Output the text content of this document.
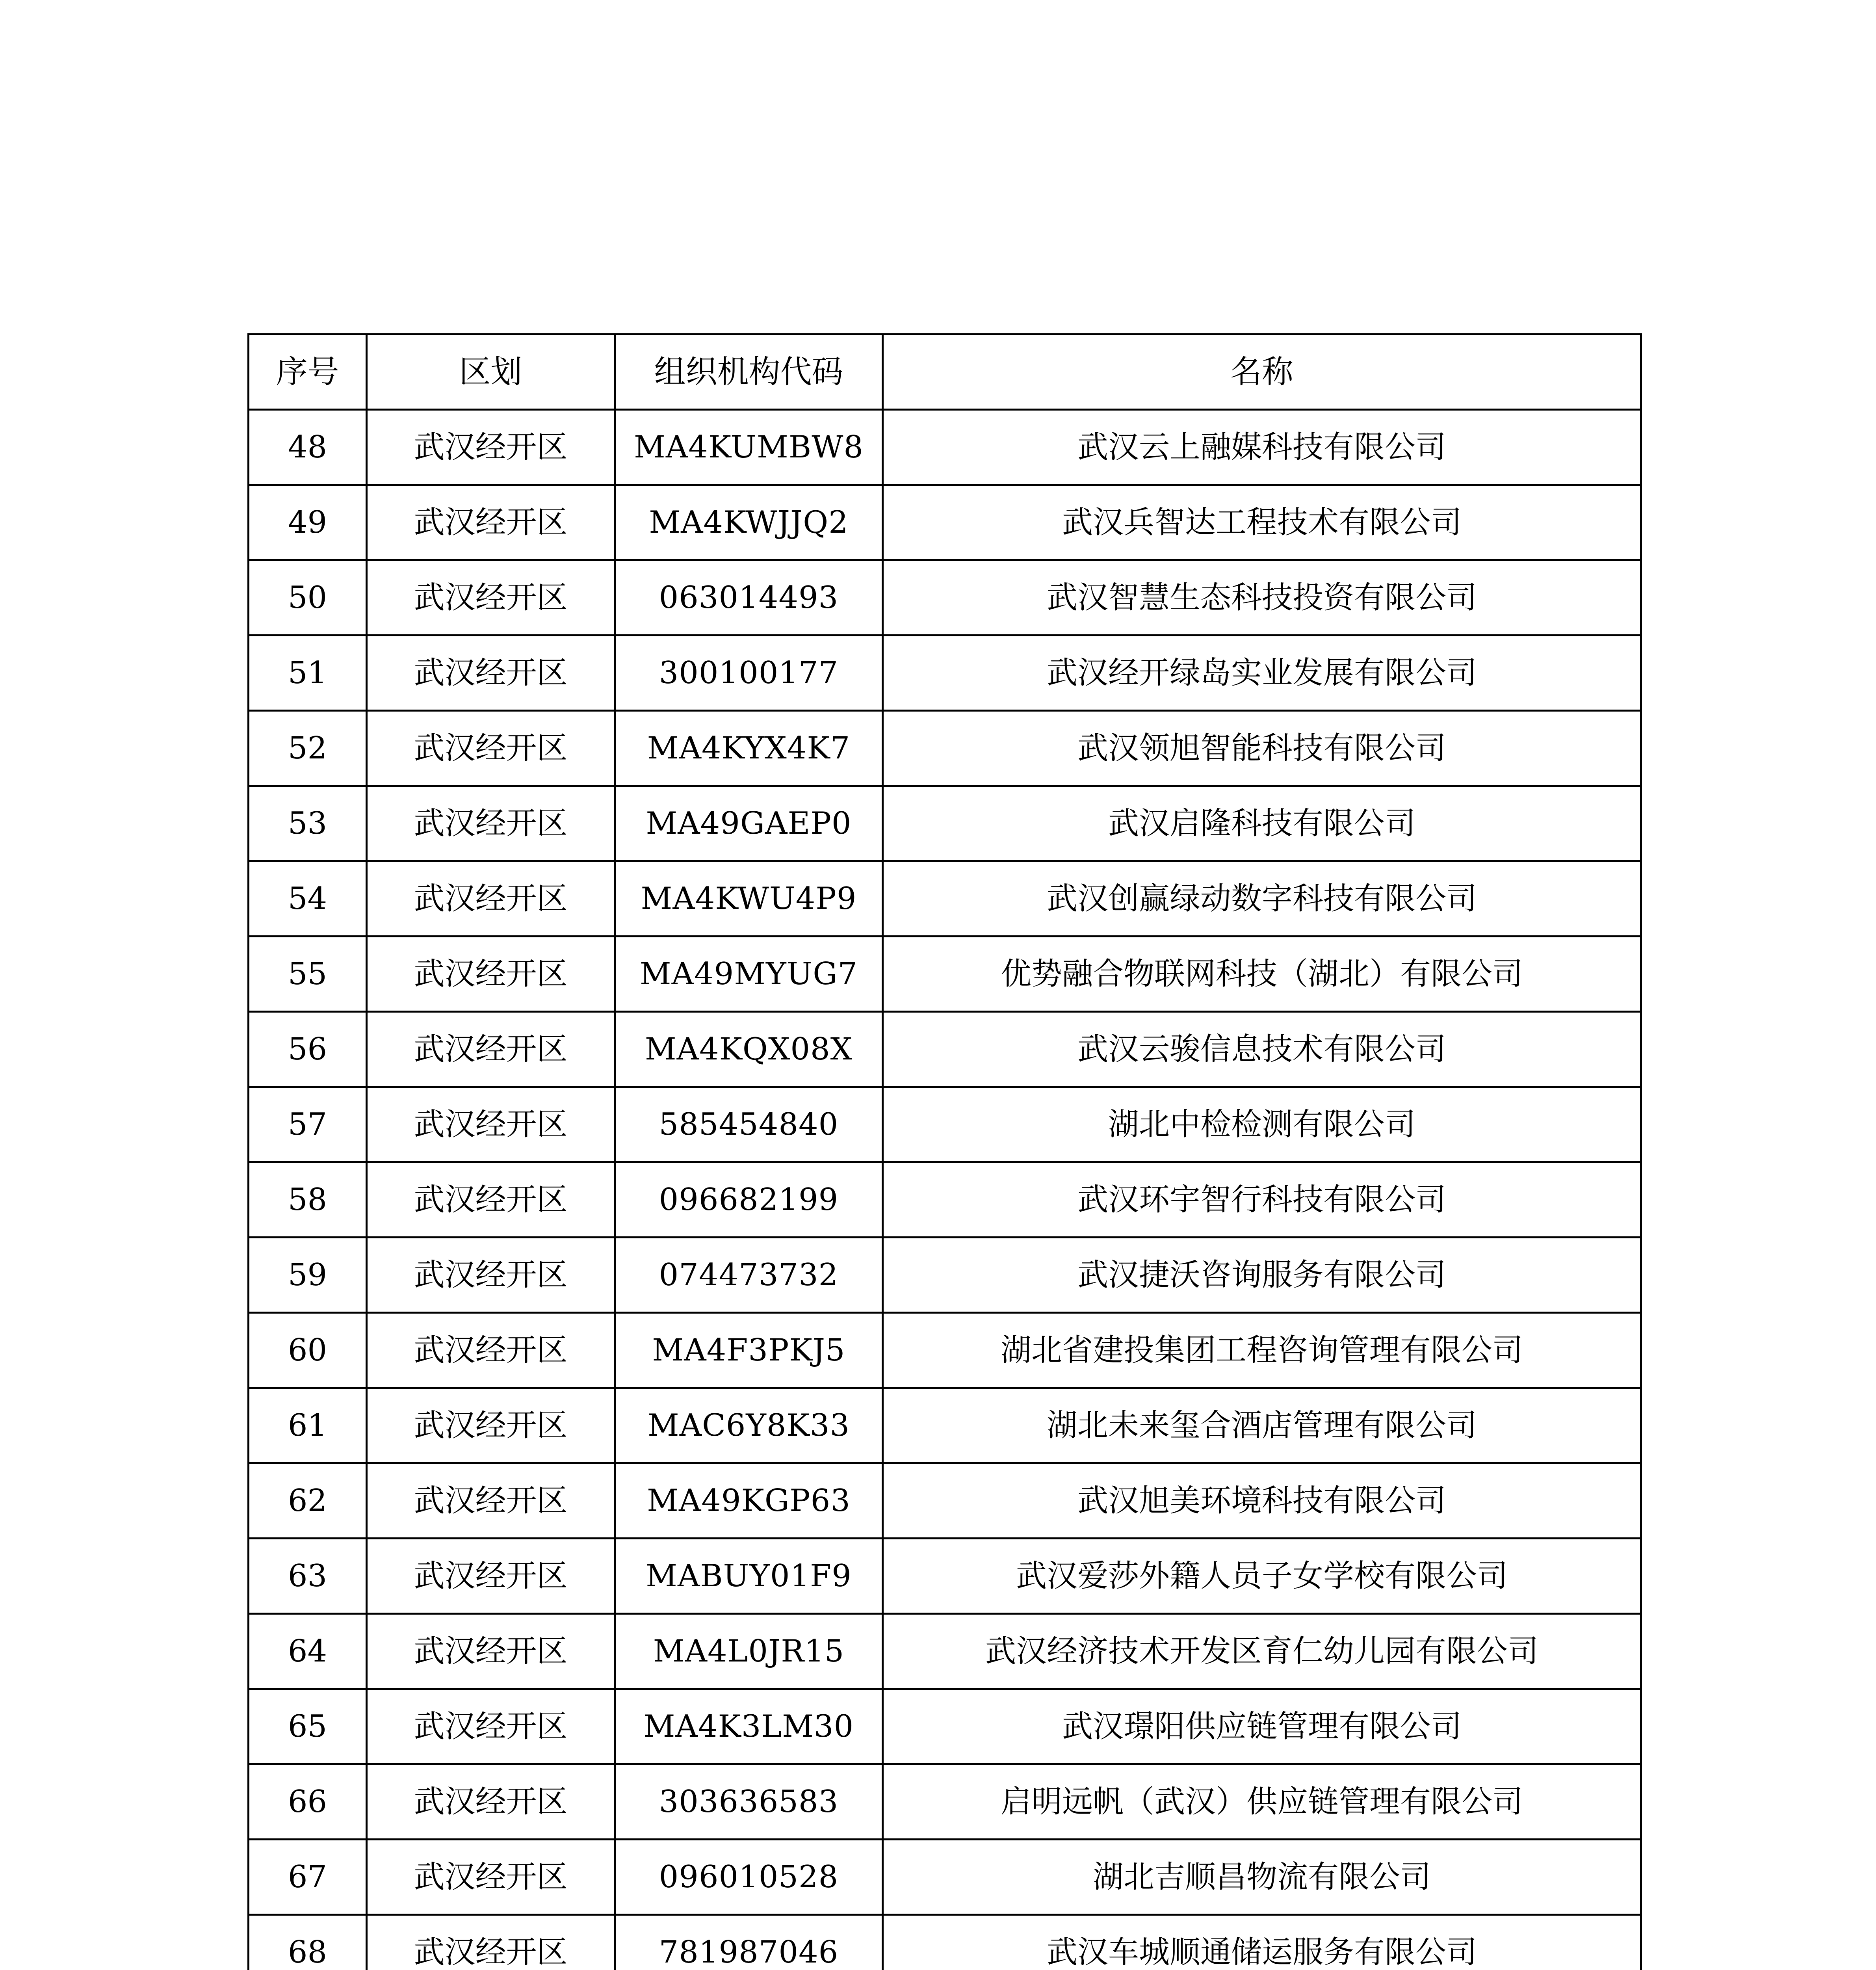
序号	区划	组织机构代码	名称
48	武汉经开区	MA4KUMBW8	武汉云上融媒科技有限公司
49	武汉经开区	MA4KWJJQ2	武汉兵智达工程技术有限公司
50	武汉经开区	063014493	武汉智慧生态科技投资有限公司
51	武汉经开区	300100177	武汉经开绿岛实业发展有限公司
52	武汉经开区	MA4KYX4K7	武汉领旭智能科技有限公司
53	武汉经开区	MA49GAEP0	武汉启隆科技有限公司
54	武汉经开区	MA4KWU4P9	武汉创赢绿动数字科技有限公司
55	武汉经开区	MA49MYUG7	优势融合物联网科技（湖北）有限公司
56	武汉经开区	MA4KQX08X	武汉云骏信息技术有限公司
57	武汉经开区	585454840	湖北中检检测有限公司
58	武汉经开区	096682199	武汉环宇智行科技有限公司
59	武汉经开区	074473732	武汉捷沃咨询服务有限公司
60	武汉经开区	MA4F3PKJ5	湖北省建投集团工程咨询管理有限公司
61	武汉经开区	MAC6Y8K33	湖北未来玺合酒店管理有限公司
62	武汉经开区	MA49KGP63	武汉旭美环境科技有限公司
63	武汉经开区	MABUY01F9	武汉爱莎外籍人员子女学校有限公司
64	武汉经开区	MA4L0JR15	武汉经济技术开发区育仁幼儿园有限公司
65	武汉经开区	MA4K3LM30	武汉璟阳供应链管理有限公司
66	武汉经开区	303636583	启明远帆（武汉）供应链管理有限公司
67	武汉经开区	096010528	湖北吉顺昌物流有限公司
68	武汉经开区	781987046	武汉车城顺通储运服务有限公司
